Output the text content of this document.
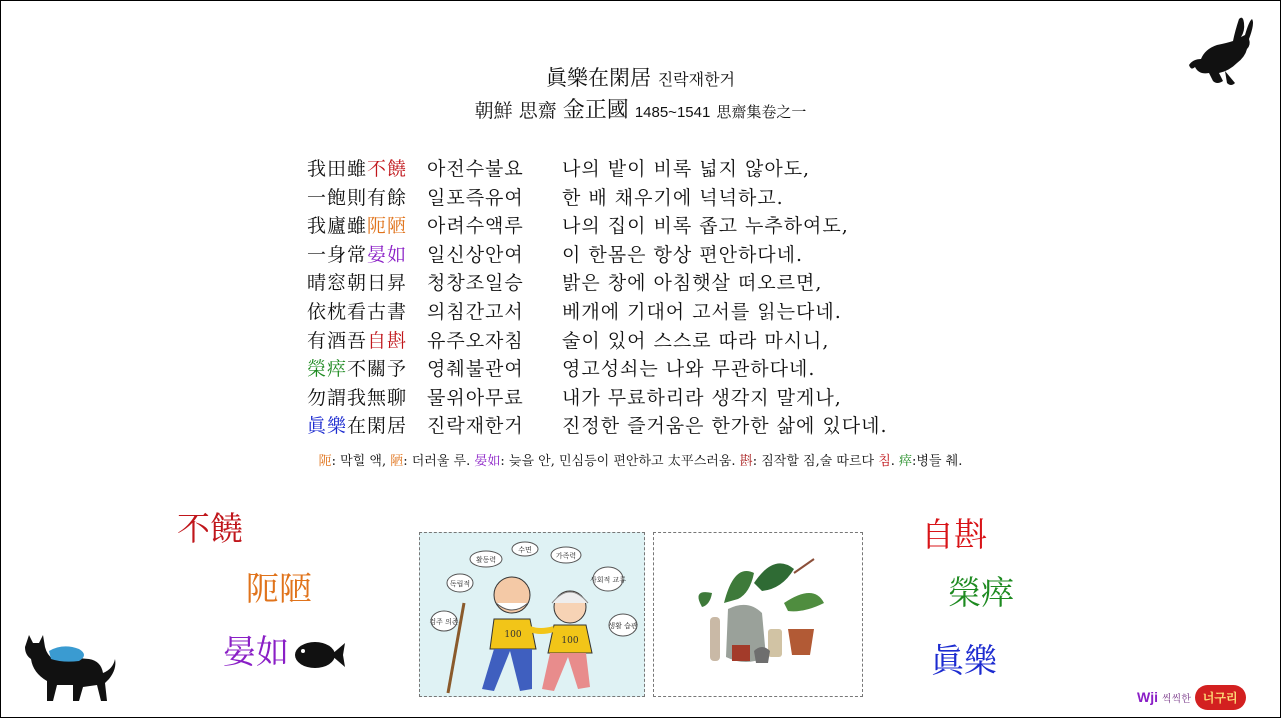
眞樂在閑居 진락재한거
朝鮮 思齋 金正國 1485~1541 思齋集卷之一
我田雖不饒 아전수불요 나의 밭이 비록 넓지 않아도,
一飽則有餘 일포즉유여 한 배 채우기에 넉넉하고.
我廬雖阨陋 아려수액루 나의 집이 비록 좁고 누추하여도,
一身常晏如 일신상안여 이 한몸은 항상 편안하다네.
晴窓朝日昇 청창조일승 밝은 창에 아침햇살 떠오르면,
依枕看古書 의침간고서 베개에 기대어 고서를 읽는다네.
有酒吾自斟 유주오자침 술이 있어 스스로 따라 마시니,
榮瘁不關予 영췌불관여 영고성쇠는 나와 무관하다네.
勿謂我無聊 물위아무료 내가 무료하리라 생각지 말게나,
眞樂在閑居 진락재한거 진정한 즐거움은 한가한 삶에 있다네.
阨: 막힐 액, 陋: 더러울 루. 晏如: 늦을 안, 민심등이 편안하고 太平스러움. 斟: 짐작할 짐,술 따르다 침. 瘁:병들 췌.
不饒
阨陋
晏如
自斟
榮瘁
眞樂
활동력
수면
가족력
독립적	사회적 교류
검주 의존	생활 습관
100
100
Wji 씩씩한 너구리
